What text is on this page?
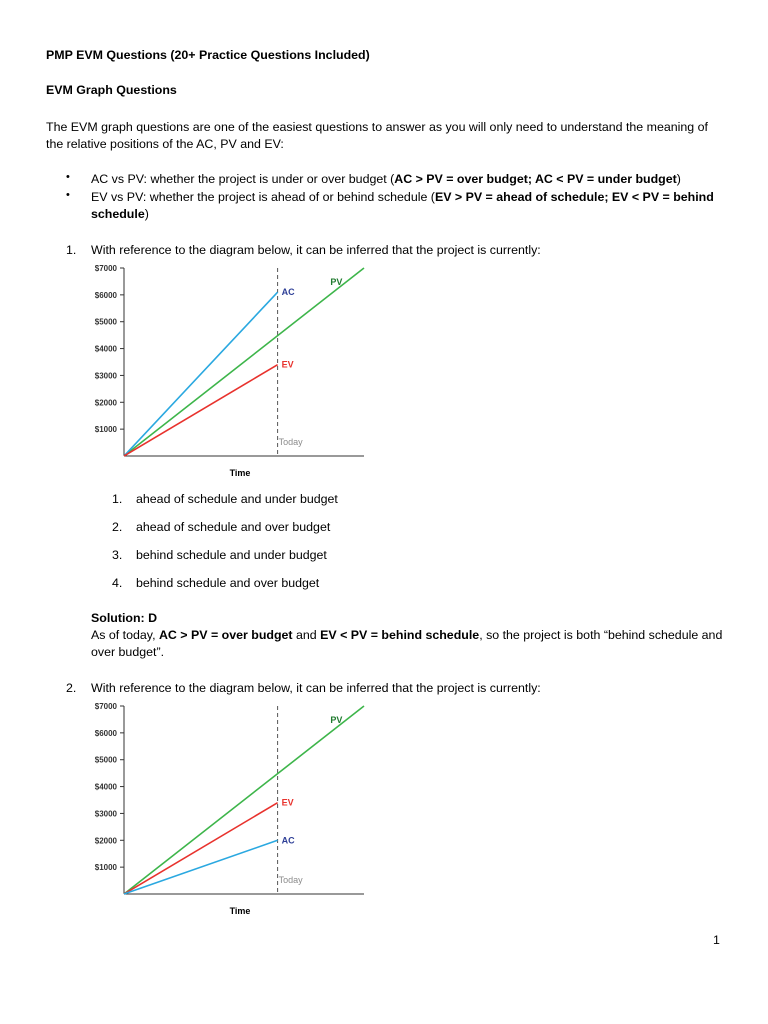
PMP EVM Questions (20+ Practice Questions Included)
EVM Graph Questions
The EVM graph questions are one of the easiest questions to answer as you will only need to understand the meaning of
the relative positions of the AC, PV and EV:
• AC vs PV: whether the project is under or over budget (AC > PV = over budget; AC < PV = under budget)
• EV vs PV: whether the project is ahead of or behind schedule (EV > PV = ahead of schedule; EV < PV = behind
schedule)
1. With reference to the diagram below, it can be inferred that the project is currently:
$1000
$2000
$3000
$4000
$5000
$6000
$7000
Time
Today
PV
AC
EV
1. ahead of schedule and under budget
2. ahead of schedule and over budget
3. behind schedule and under budget
4. behind schedule and over budget
Solution: D
As of today, AC > PV = over budget and EV < PV = behind schedule, so the project is both “behind schedule and
over budget”.
2. With reference to the diagram below, it can be inferred that the project is currently:
$1000
$2000
$3000
$4000
$5000
$6000
$7000
Time
Today
PV
EV
AC
1
